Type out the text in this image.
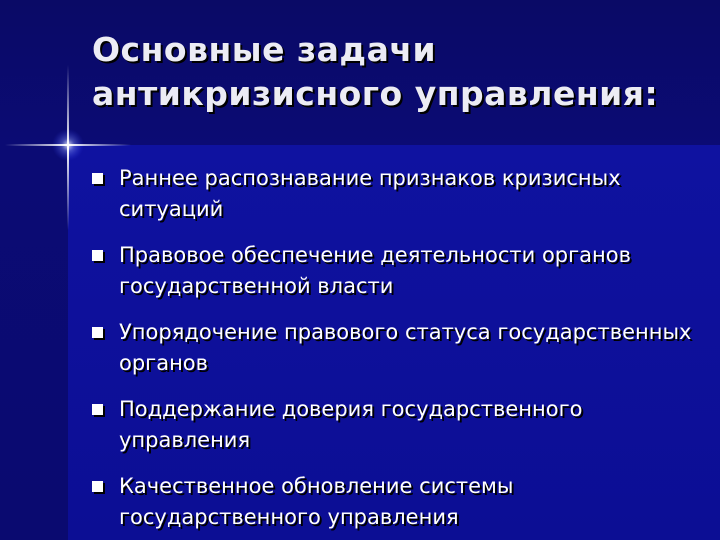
Основные задачи антикризисного управления:
Раннее распознавание признаков кризисных ситуаций
Правовое обеспечение деятельности органов государственной власти
Упорядочение правового статуса государственных органов
Поддержание доверия государственного управления
Качественное обновление системы государственного управления
